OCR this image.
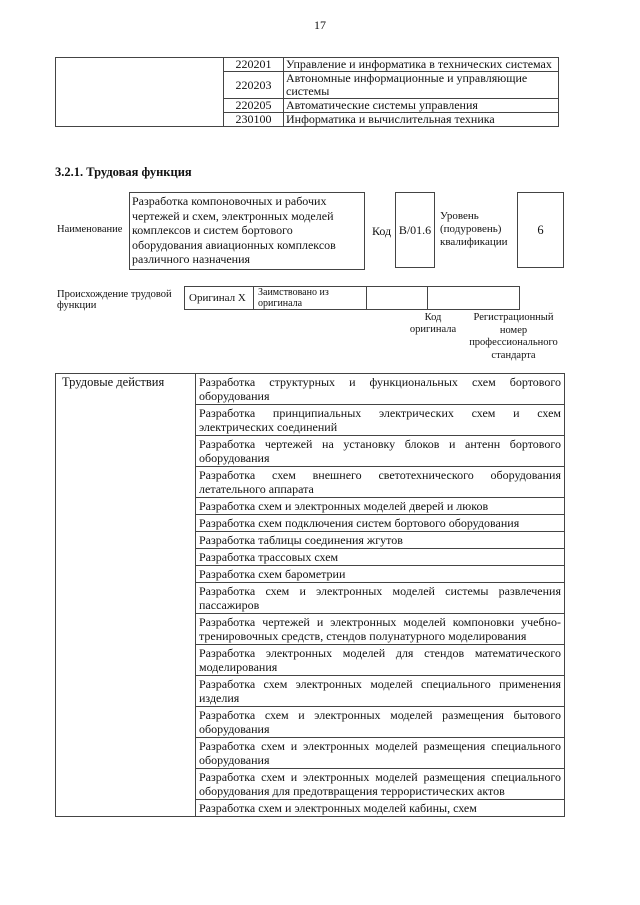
17
	220201	Управление и информатика в технических системах
	220203	Автономные информационные и управляющие системы
	220205	Автоматические системы управления
	230100	Информатика и вычислительная техника
3.2.1. Трудовая функция
Наименование
Разработка компоновочных и рабочих чертежей и схем, электронных моделей комплексов и систем бортового оборудования авиационных комплексов различного назначения
Код B/01.6
Уровень
(подуровень)
квалификации
6
Происхождение трудовой функции
Оригинал X	Заимствовано из оригинала		
Код оригинала
Регистрационный номер профессионального стандарта
Трудовые действия	Разработка структурных и функциональных схем бортового оборудования
Разработка принципиальных электрических схем и схем электрических соединений
Разработка чертежей на установку блоков и антенн бортового оборудования
Разработка схем внешнего светотехнического оборудования летательного аппарата
Разработка схем и электронных моделей дверей и люков
Разработка схем подключения систем бортового оборудования
Разработка таблицы соединения жгутов
Разработка трассовых схем
Разработка схем барометрии
Разработка схем и электронных моделей системы развлечения пассажиров
Разработка чертежей и электронных моделей компоновки учебно-тренировочных средств, стендов полунатурного моделирования
Разработка электронных моделей для стендов математического моделирования
Разработка схем электронных моделей специального применения изделия
Разработка схем и электронных моделей размещения бытового оборудования
Разработка схем и электронных моделей размещения специального оборудования
Разработка схем и электронных моделей размещения специального оборудования для предотвращения террористических актов
Разработка схем и электронных моделей кабины, схем
